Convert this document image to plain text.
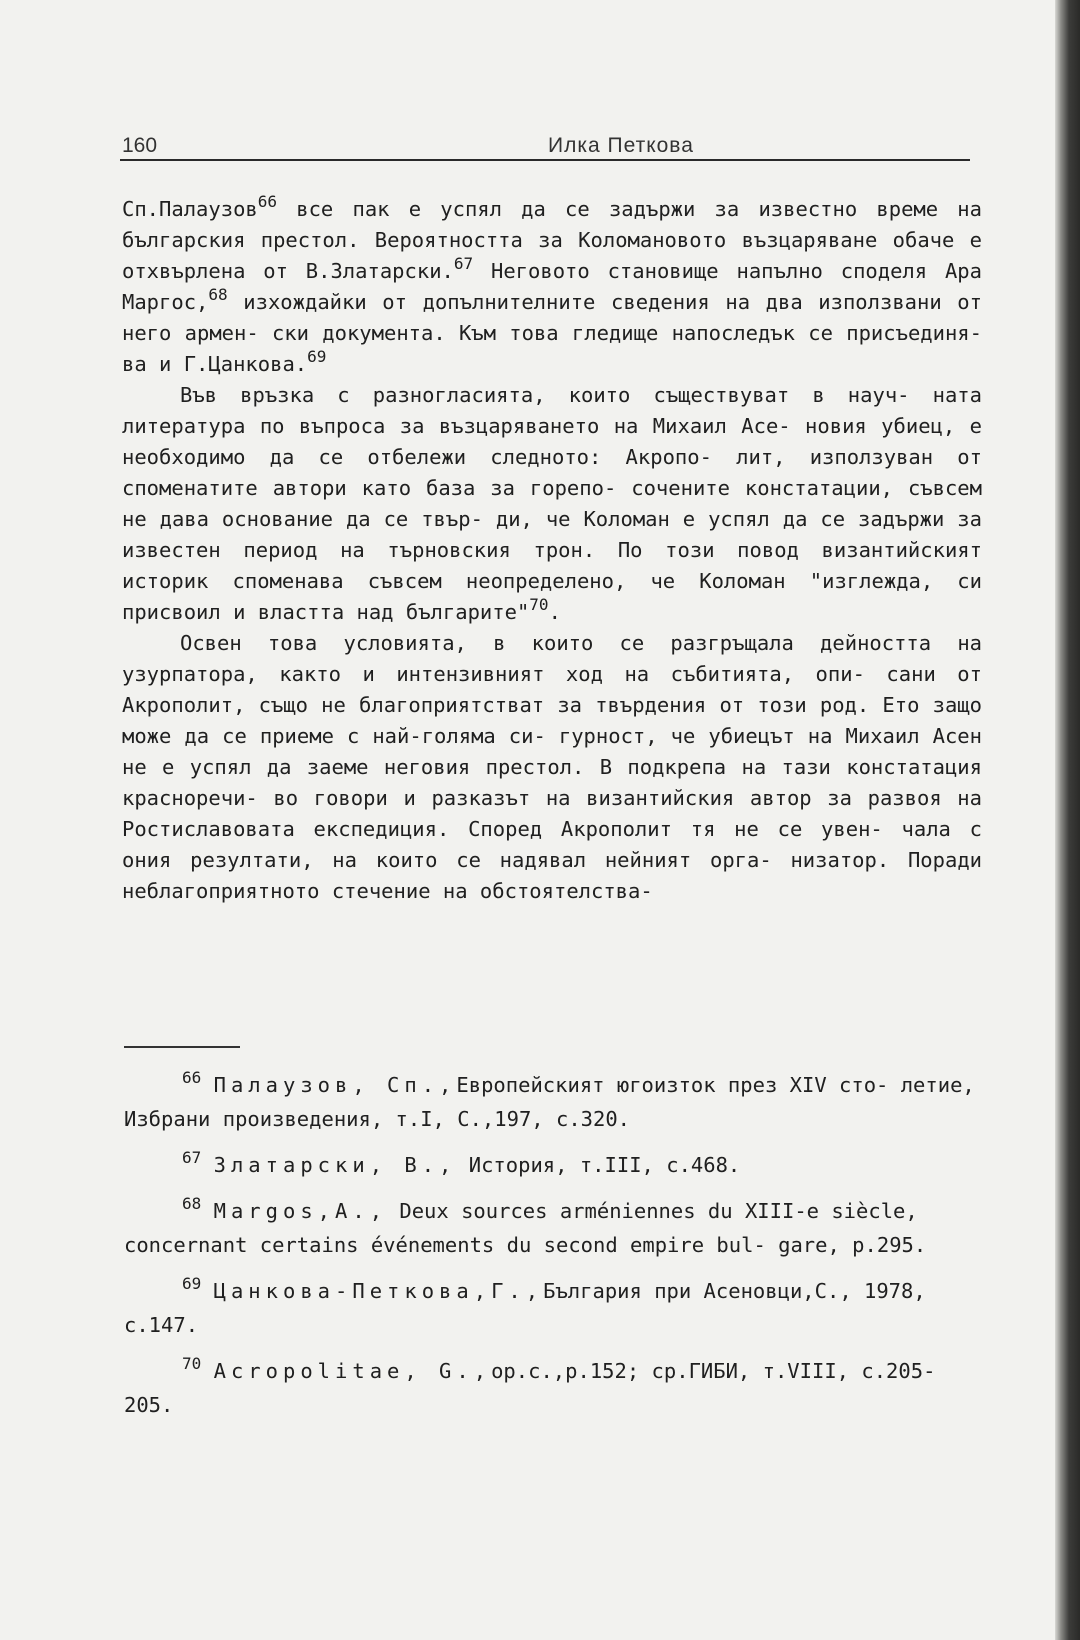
160	Илка Петкова

Сп.Палаузов$^{66}$ все пак е успял да се задържи за известно време на българския престол. Вероятността за Коломановото възцаряване обаче е отхвърлена от В.Златарски.$^{67}$ Неговото становище напълно споделя Ара Маргос,$^{68}$ изхождайки от допълнителните сведения на два използвани от него армен- ски документа. Към това гледище напоследък се присъединя- ва и Г.Цанкова.$^{69}$

Във връзка с разногласията, които съществуват в науч- ната литература по въпроса за възцаряването на Михаил Асе- новия убиец, е необходимо да се отбележи следното: Акропо- лит, използуван от споменатите автори като база за горепо- сочените констатации, съвсем не дава основание да се твър- ди, че Коломан е успял да се задържи за известен период на търновския трон. По този повод византийският историк споменава съвсем неопределено, че Коломан "изглежда, си присвоил и властта над българите"$^{70}$.

Освен това условията, в които се разгръщала дейността на узурпатора, както и интензивният ход на събитията, опи- сани от Акрополит, също не благоприятстват за твърдения от този род. Ето защо може да се приеме с най-голяма си- гурност, че убиецът на Михаил Асен не е успял да заеме неговия престол. В подкрепа на тази констатация красноречи- во говори и разказът на византийския автор за развоя на Ростиславовата експедиция. Според Акрополит тя не се увен- чала с ония резултати, на които се надявал нейният орга- низатор. Поради неблагоприятното стечение на обстоятелства-

$^{66}$ Палаузов, Сп.,Европейският югоизток през XIV сто- летие, Избрани произведения, т.I, С.,197, с.320.

$^{67}$ Златарски, В., История, т.III, с.468.

$^{68}$ Margos,A., Deux sources arméniennes du XIII-e siècle, concernant certains événements du second empire bul- gare, p.295.

$^{69}$ Цанкова-Петкова,Г.,България при Асеновци,С., 1978, с.147.

$^{70}$ Acropolitae, G.,op.c.,p.152; ср.ГИБИ, т.VIII, с.205-205.
